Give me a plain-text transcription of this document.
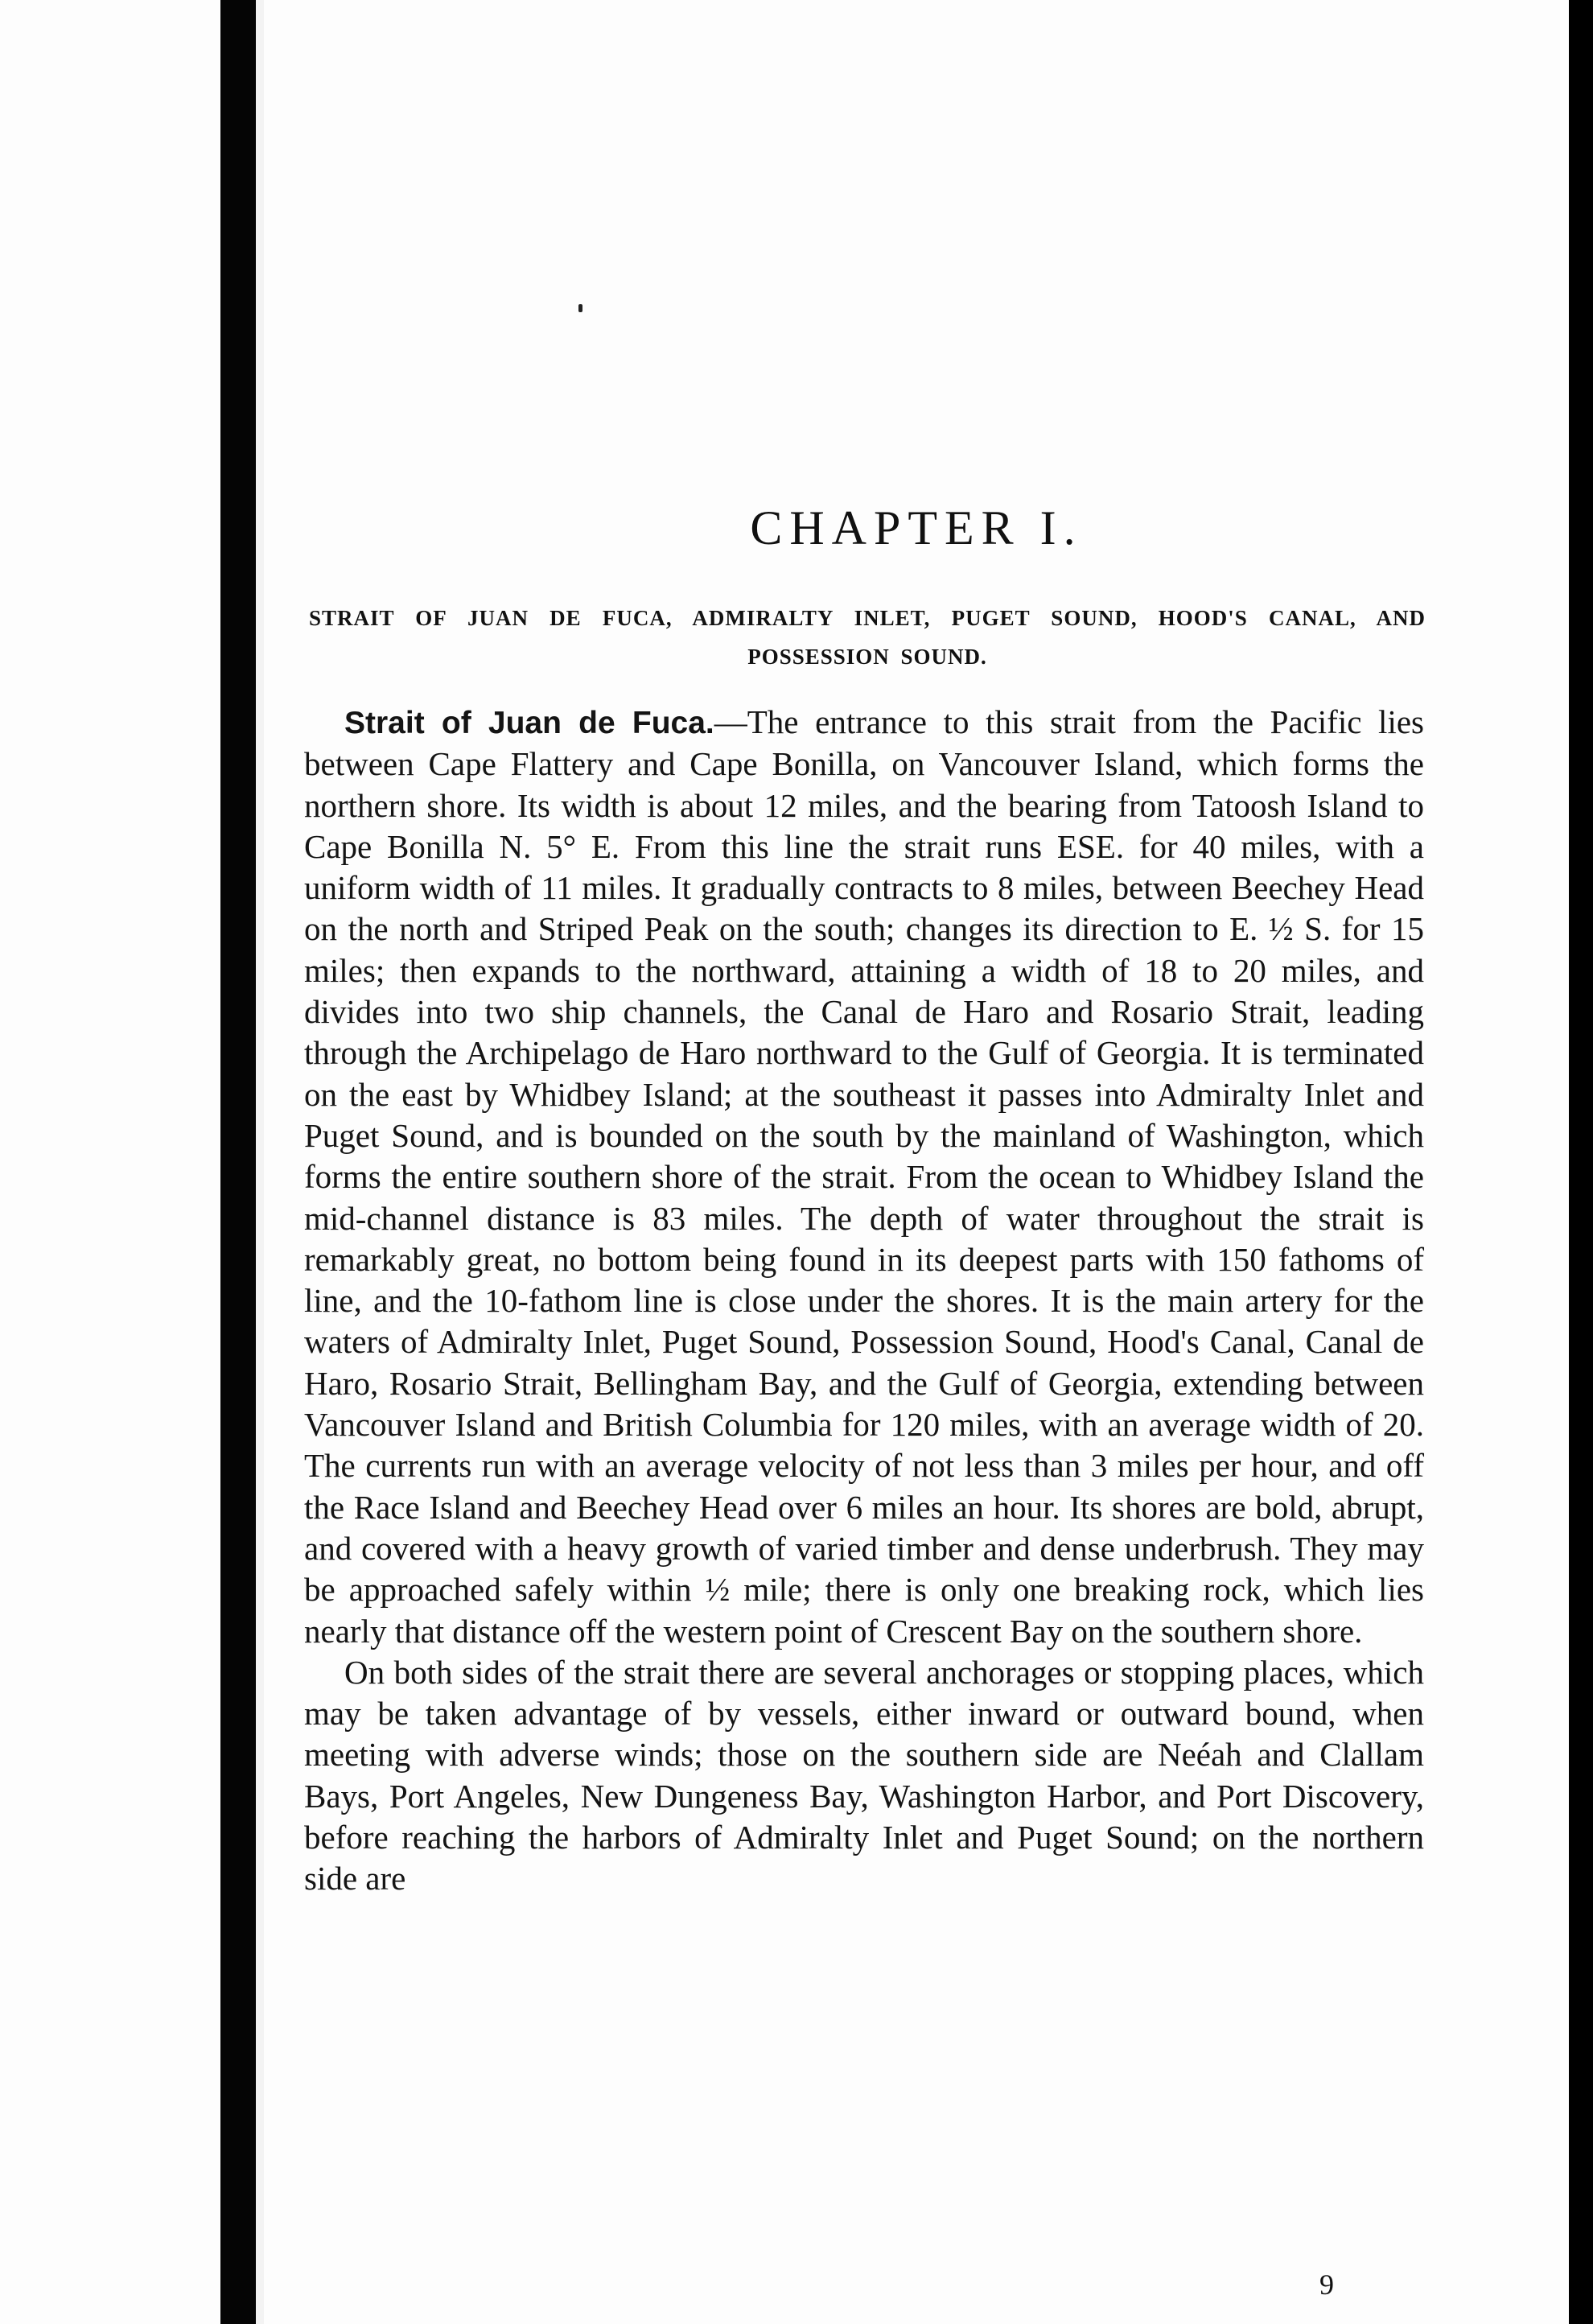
CHAPTER I.
STRAIT OF JUAN DE FUCA, ADMIRALTY INLET, PUGET SOUND, HOOD'S CANAL, AND POSSESSION SOUND.

Strait of Juan de Fuca.—The entrance to this strait from the Pacific lies between Cape Flattery and Cape Bonilla, on Vancouver Island, which forms the northern shore. Its width is about 12 miles, and the bearing from Tatoosh Island to Cape Bonilla N. 5° E. From this line the strait runs ESE. for 40 miles, with a uniform width of 11 miles. It gradually contracts to 8 miles, between Beechey Head on the north and Striped Peak on the south; changes its direction to E. ½ S. for 15 miles; then expands to the northward, attaining a width of 18 to 20 miles, and divides into two ship channels, the Canal de Haro and Rosario Strait, leading through the Archipelago de Haro northward to the Gulf of Georgia. It is terminated on the east by Whidbey Island; at the southeast it passes into Admiralty Inlet and Puget Sound, and is bounded on the south by the mainland of Washington, which forms the entire southern shore of the strait. From the ocean to Whidbey Island the mid-channel distance is 83 miles. The depth of water throughout the strait is remarkably great, no bottom being found in its deepest parts with 150 fathoms of line, and the 10-fathom line is close under the shores. It is the main artery for the waters of Admiralty Inlet, Puget Sound, Possession Sound, Hood's Canal, Canal de Haro, Rosario Strait, Bellingham Bay, and the Gulf of Georgia, extending between Vancouver Island and British Columbia for 120 miles, with an average width of 20. The currents run with an average velocity of not less than 3 miles per hour, and off the Race Island and Beechey Head over 6 miles an hour. Its shores are bold, abrupt, and covered with a heavy growth of varied timber and dense underbrush. They may be approached safely within ½ mile; there is only one breaking rock, which lies nearly that distance off the western point of Crescent Bay on the southern shore.

On both sides of the strait there are several anchorages or stopping places, which may be taken advantage of by vessels, either inward or outward bound, when meeting with adverse winds; those on the southern side are Neéah and Clallam Bays, Port Angeles, New Dungeness Bay, Washington Harbor, and Port Discovery, before reaching the harbors of Admiralty Inlet and Puget Sound; on the northern side are

9
